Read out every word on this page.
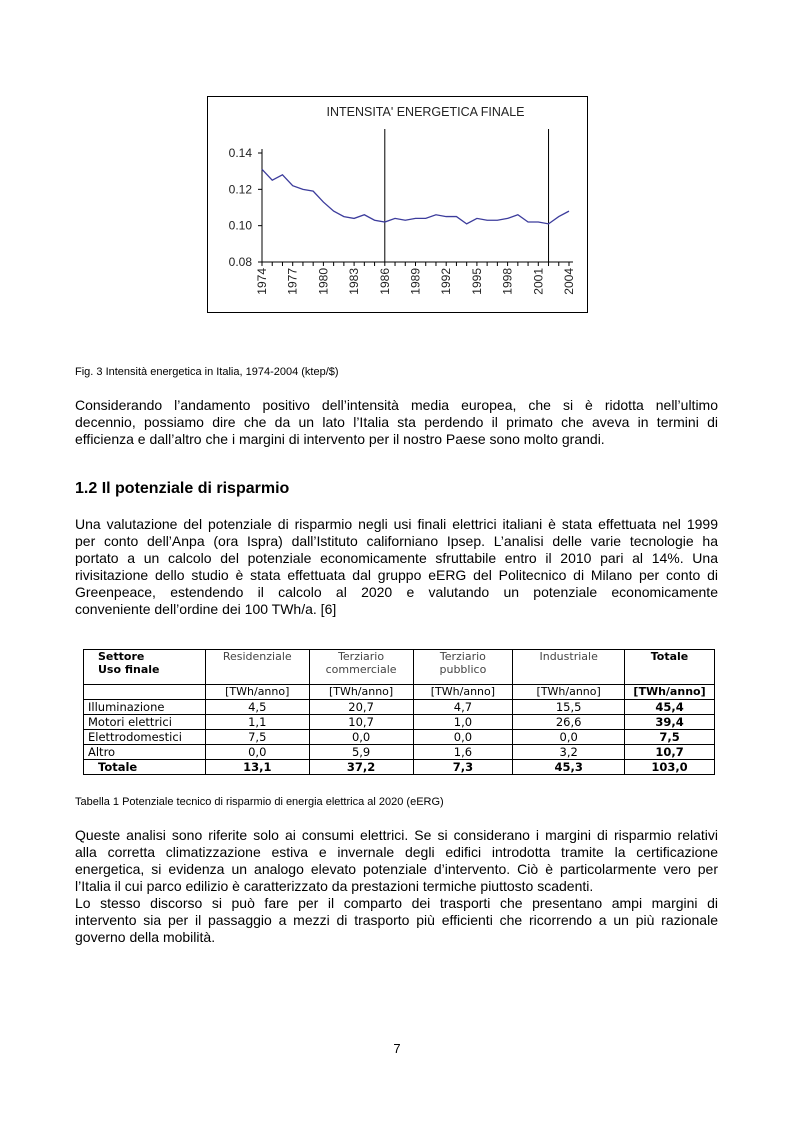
INTENSITA' ENERGETICA FINALE
0.08
0.10
0.12
0.14
1974 1977 1980 1983 1986 1989 1992 1995 1998 2001 2004
Fig. 3 Intensità energetica in Italia, 1974-2004 (ktep/$)
Considerando l’andamento positivo dell’intensità media europea, che si è ridotta nell’ultimo
decennio, possiamo dire che da un lato l’Italia sta perdendo il primato che aveva in termini di
efficienza e dall’altro che i margini di intervento per il nostro Paese sono molto grandi.
1.2 Il potenziale di risparmio
Una valutazione del potenziale di risparmio negli usi finali elettrici italiani è stata effettuata nel 1999
per conto dell’Anpa (ora Ispra) dall’Istituto californiano Ipsep. L’analisi delle varie tecnologie ha
portato a un calcolo del potenziale economicamente sfruttabile entro il 2010 pari al 14%. Una
rivisitazione dello studio è stata effettuata dal gruppo eERG del Politecnico di Milano per conto di
Greenpeace, estendendo il calcolo al 2020 e valutando un potenziale economicamente
conveniente dell’ordine dei 100 TWh/a. [6]
Settore
Uso finale	Residenziale	Terziario commerciale	Terziario pubblico	Industriale	Totale
	[TWh/anno]	[TWh/anno]	[TWh/anno]	[TWh/anno]	[TWh/anno]
Illuminazione	4,5	20,7	4,7	15,5	45,4
Motori elettrici	1,1	10,7	1,0	26,6	39,4
Elettrodomestici	7,5	0,0	0,0	0,0	7,5
Altro	0,0	5,9	1,6	3,2	10,7
Totale	13,1	37,2	7,3	45,3	103,0
Tabella 1 Potenziale tecnico di risparmio di energia elettrica al 2020 (eERG)
Queste analisi sono riferite solo ai consumi elettrici. Se si considerano i margini di risparmio relativi
alla corretta climatizzazione estiva e invernale degli edifici introdotta tramite la certificazione
energetica, si evidenza un analogo elevato potenziale d’intervento. Ciò è particolarmente vero per
l’Italia il cui parco edilizio è caratterizzato da prestazioni termiche piuttosto scadenti.
Lo stesso discorso si può fare per il comparto dei trasporti che presentano ampi margini di
intervento sia per il passaggio a mezzi di trasporto più efficienti che ricorrendo a un più razionale
governo della mobilità.
7
